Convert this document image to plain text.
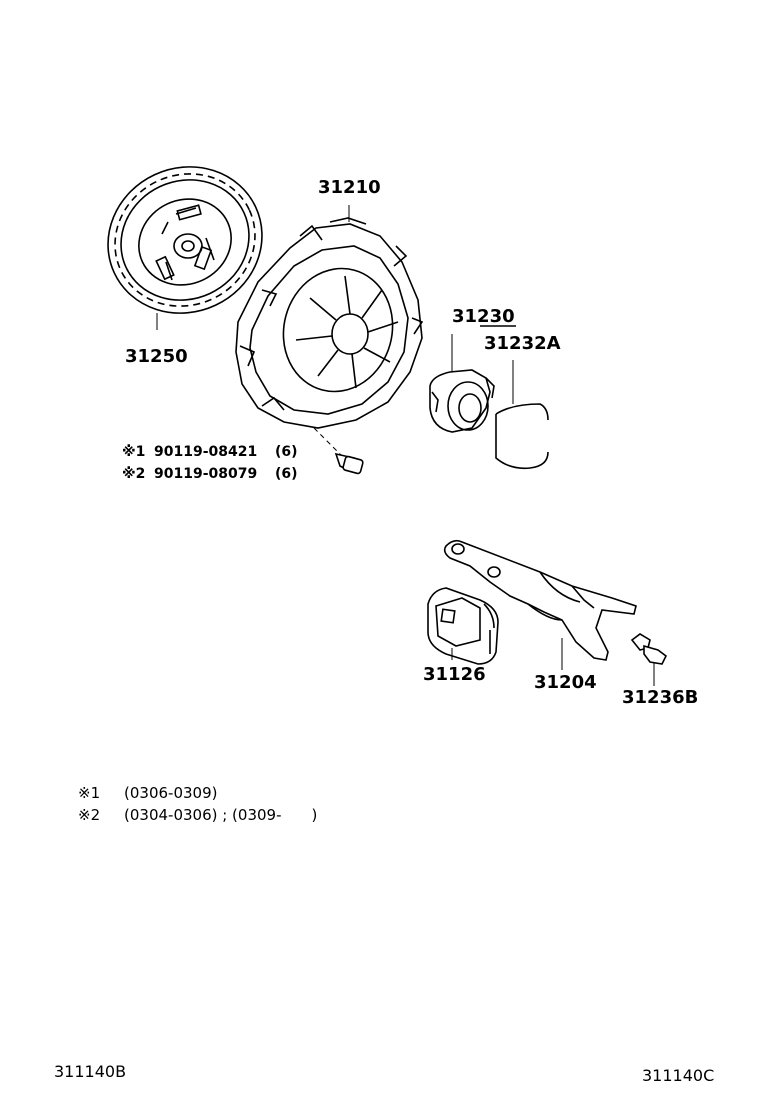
31250
31210
※1 90119-08421 (6)
※2 90119-08079 (6)
31230
31232A
31204
31126
31236B
※1 (0306-0309)
※2 (0304-0306) ; (0309-　　)
311140B	311140C
